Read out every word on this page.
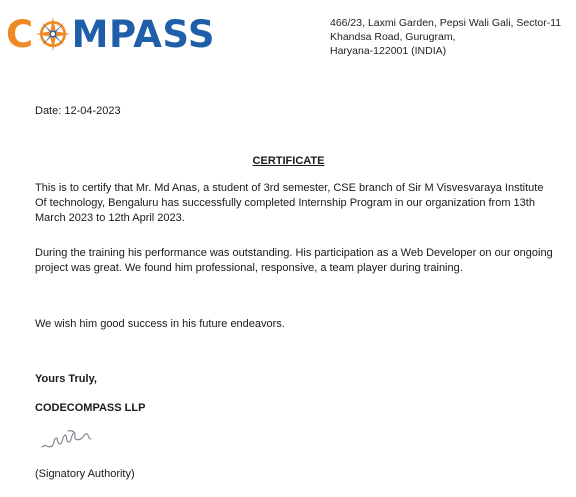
C MPASS	466/23, Laxmi Garden, Pepsi Wali Gali, Sector-11
Khandsa Road, Gurugram,
Haryana-122001 (INDIA)
Date: 12-04-2023
CERTIFICATE
This is to certify that Mr. Md Anas, a student of 3rd semester, CSE branch of Sir M Visvesvaraya Institute Of technology, Bengaluru has successfully completed Internship Program in our organization from 13th March 2023 to 12th April 2023.
During the training his performance was outstanding. His participation as a Web Developer on our ongoing project was great. We found him professional, responsive, a team player during training.
We wish him good success in his future endeavors.
Yours Truly,
CODECOMPASS LLP
(Signatory Authority)
